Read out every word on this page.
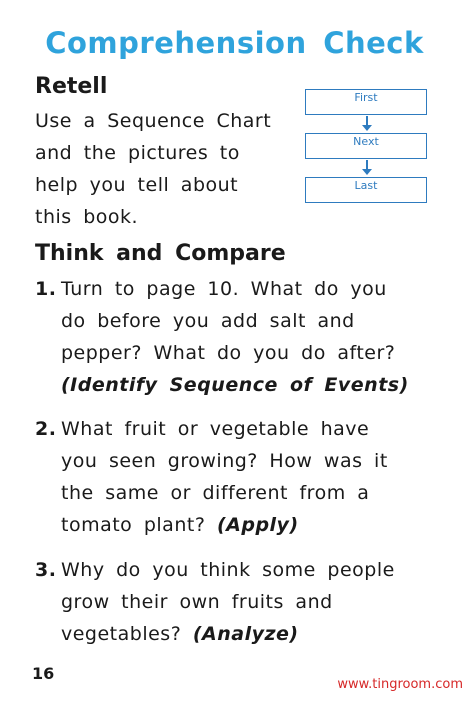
Comprehension Check
Retell
Use a Sequence Chart
and the pictures to
help you tell about
this book.
First
Next
Last
Think and Compare
1. Turn to page 10. What do you
do before you add salt and
pepper? What do you do after?
(Identify Sequence of Events)
2. What fruit or vegetable have
you seen growing? How was it
the same or different from a
tomato plant? (Apply)
3. Why do you think some people
grow their own fruits and
vegetables? (Analyze)
16
www.tingroom.com
